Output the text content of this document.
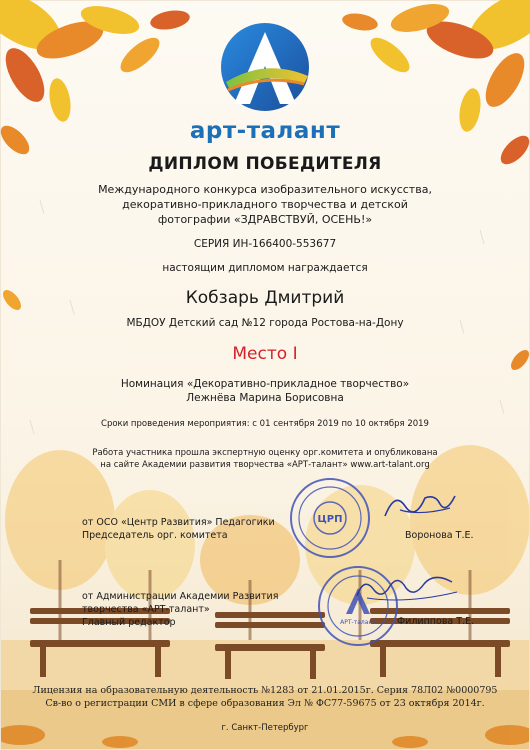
арт-талант
ДИПЛОМ ПОБЕДИТЕЛЯ
Международного конкурса изобразительного искусства,
декоративно-прикладного творчества и детской
фотографии «ЗДРАВСТВУЙ, ОСЕНЬ!»
СЕРИЯ ИН-166400-553677
настоящим дипломом награждается
Кобзарь Дмитрий
МБДОУ Детский сад №12 города Ростова-на-Дону
Место I
Номинация «Декоративно-прикладное творчество»
Лежнёва Марина Борисовна
Сроки проведения мероприятия: с 01 сентября 2019 по 10 октября 2019
Работа участника прошла экспертную оценку орг.комитета и опубликована
на сайте Академии развития творчества «АРТ-талант» www.art-talant.org
от ОСО «Центр Развития» Педагогики
Председатель орг. комитета
ЦРП
Воронова Т.Е.
от Администрации Академии Развития
творчества «АРТ-талант»
Главный редактор	АРТ-талант Филиппова Т.Е.
Лицензия на образовательную деятельность №1283 от 21.01.2015г. Серия 78Л02 №0000795
Св-во о регистрации СМИ в сфере образования Эл № ФС77-59675 от 23 октября 2014г.
г. Санкт-Петербург
